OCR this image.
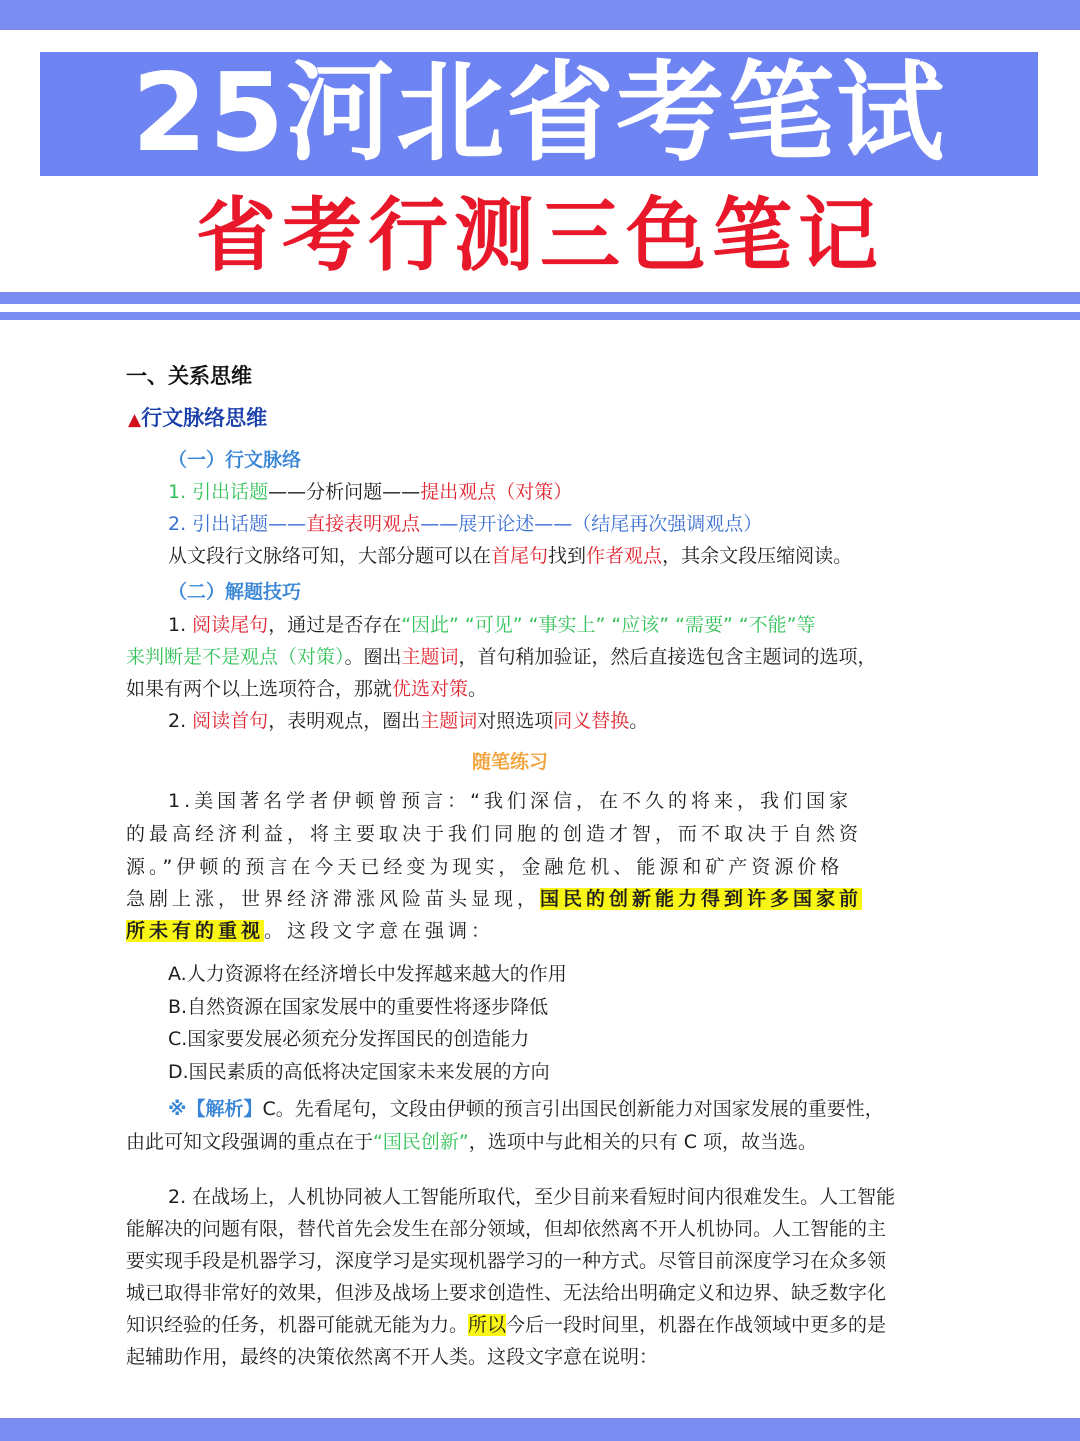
25河北省考笔试
省考行测三色笔记
一、关系思维
▲行文脉络思维
（一）行文脉络
1. 引出话题——分析问题——提出观点（对策）
2. 引出话题——直接表明观点——展开论述——（结尾再次强调观点）
从文段行文脉络可知，大部分题可以在首尾句找到作者观点，其余文段压缩阅读。
（二）解题技巧
1. 阅读尾句，通过是否存在“因此” “可见” “事实上” “应该” “需要” “不能”等
来判断是不是观点（对策）。圈出主题词，首句稍加验证，然后直接选包含主题词的选项，
如果有两个以上选项符合，那就优选对策。
2. 阅读首句，表明观点，圈出主题词对照选项同义替换。
随笔练习
1.美国著名学者伊顿曾预言：“我们深信，在不久的将来，我们国家
的最高经济利益，将主要取决于我们同胞的创造才智，而不取决于自然资
源。”伊顿的预言在今天已经变为现实，金融危机、能源和矿产资源价格
急剧上涨，世界经济滞涨风险苗头显现，国民的创新能力得到许多国家前
所未有的重视。这段文字意在强调：
A.人力资源将在经济增长中发挥越来越大的作用
B.自然资源在国家发展中的重要性将逐步降低
C.国家要发展必须充分发挥国民的创造能力
D.国民素质的高低将决定国家未来发展的方向
※【解析】C。先看尾句，文段由伊顿的预言引出国民创新能力对国家发展的重要性，
由此可知文段强调的重点在于“国民创新”，选项中与此相关的只有 C 项，故当选。
2. 在战场上，人机协同被人工智能所取代，至少目前来看短时间内很难发生。人工智能
能解决的问题有限，替代首先会发生在部分领域，但却依然离不开人机协同。人工智能的主
要实现手段是机器学习，深度学习是实现机器学习的一种方式。尽管目前深度学习在众多领
城已取得非常好的效果，但涉及战场上要求创造性、无法给出明确定义和边界、缺乏数字化
知识经验的任务，机器可能就无能为力。所以今后一段时间里，机器在作战领域中更多的是
起辅助作用，最终的决策依然离不开人类。这段文字意在说明：
